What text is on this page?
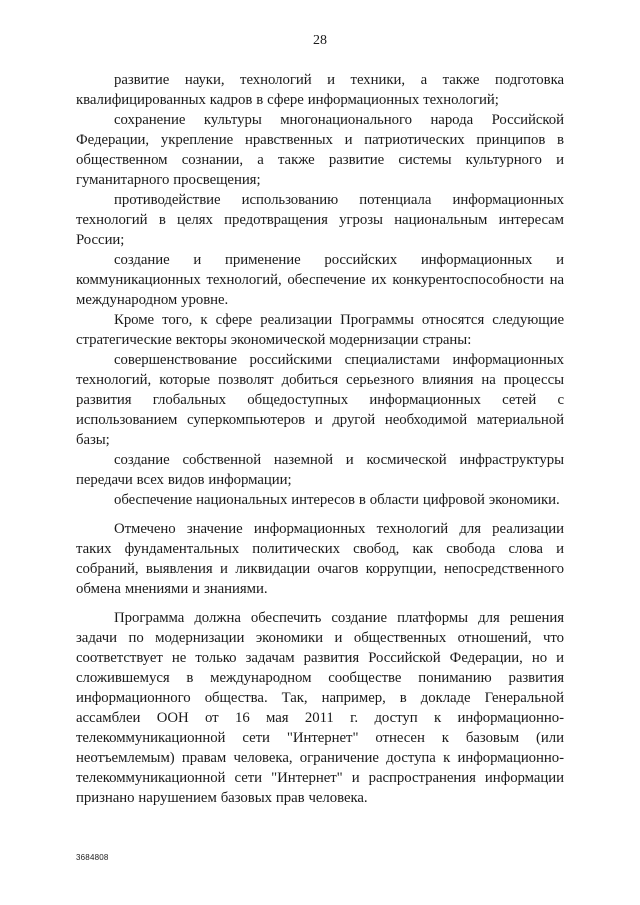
28

развитие науки, технологий и техники, а также подготовка квалифицированных кадров в сфере информационных технологий;

сохранение культуры многонационального народа Российской Федерации, укрепление нравственных и патриотических принципов в общественном сознании, а также развитие системы культурного и гуманитарного просвещения;

противодействие использованию потенциала информационных технологий в целях предотвращения угрозы национальным интересам России;

создание и применение российских информационных и коммуникационных технологий, обеспечение их конкурентоспособности на международном уровне.

Кроме того, к сфере реализации Программы относятся следующие стратегические векторы экономической модернизации страны:

совершенствование российскими специалистами информационных технологий, которые позволят добиться серьезного влияния на процессы развития глобальных общедоступных информационных сетей с использованием суперкомпьютеров и другой необходимой материальной базы;

создание собственной наземной и космической инфраструктуры передачи всех видов информации;

обеспечение национальных интересов в области цифровой экономики.

Отмечено значение информационных технологий для реализации таких фундаментальных политических свобод, как свобода слова и собраний, выявления и ликвидации очагов коррупции, непосредственного обмена мнениями и знаниями.

Программа должна обеспечить создание платформы для решения задачи по модернизации экономики и общественных отношений, что соответствует не только задачам развития Российской Федерации, но и сложившемуся в международном сообществе пониманию развития информационного общества. Так, например, в докладе Генеральной ассамблеи ООН от 16 мая 2011 г. доступ к информационно-телекоммуникационной сети "Интернет" отнесен к базовым (или неотъемлемым) правам человека, ограничение доступа к информационно-телекоммуникационной сети "Интернет" и распространения информации признано нарушением базовых прав человека.

3684808
